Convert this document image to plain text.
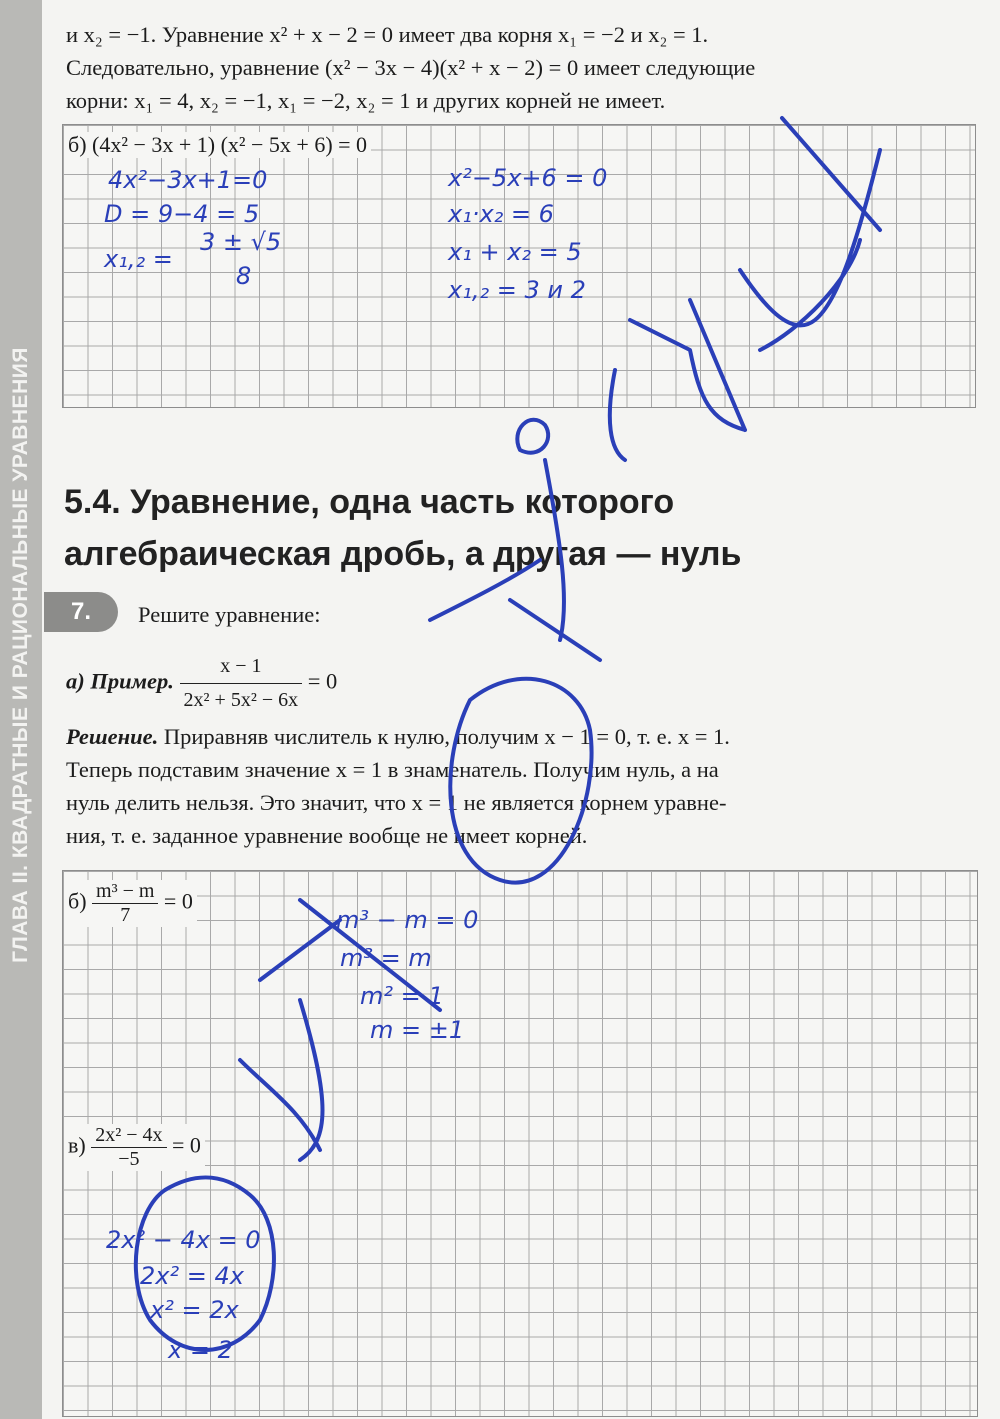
ГЛАВА II. КВАДРАТНЫЕ И РАЦИОНАЛЬНЫЕ УРАВНЕНИЯ
и x₂ = −1. Уравнение x² + x − 2 = 0 имеет два корня x₁ = −2 и x₂ = 1.
Следовательно, уравнение (x² − 3x − 4)(x² + x − 2) = 0 имеет следующие
корни: x₁ = 4, x₂ = −1, x₁ = −2, x₂ = 1 и других корней не имеет.
б) (4x² − 3x + 1) (x² − 5x + 6) = 0
4x²−3x+1=0
D = 9−4 = 5
x₁,₂ =
3 ± √5
8
x²−5x+6 = 0
x₁·x₂ = 6
x₁ + x₂ = 5
x₁,₂ = 3 и 2
5.4. Уравнение, одна часть которого
алгебраическая дробь, а другая — нуль
7.	Решите уравнение:
а) Пример. $\frac{x - 1}{\text{2x² + 5x² − 6x}} = 0$
Решение. Приравняв числитель к нулю, получим x − 1 = 0, т. е. x = 1.
Теперь подставим значение x = 1 в знаменатель. Получим нуль, а на
нуль делить нельзя. Это значит, что x = 1 не является корнем уравне-
ния, т. е. заданное уравнение вообще не имеет корней.
$б) \frac{\text{m³ − m}}{7} = 0$
m³ − m = 0
m³ = m
m² = 1
m = ±1
$в) \frac{\text{2x² − 4x}}{-5} = 0$
2x² − 4x = 0
2x² = 4x
x² = 2x
x = 2
